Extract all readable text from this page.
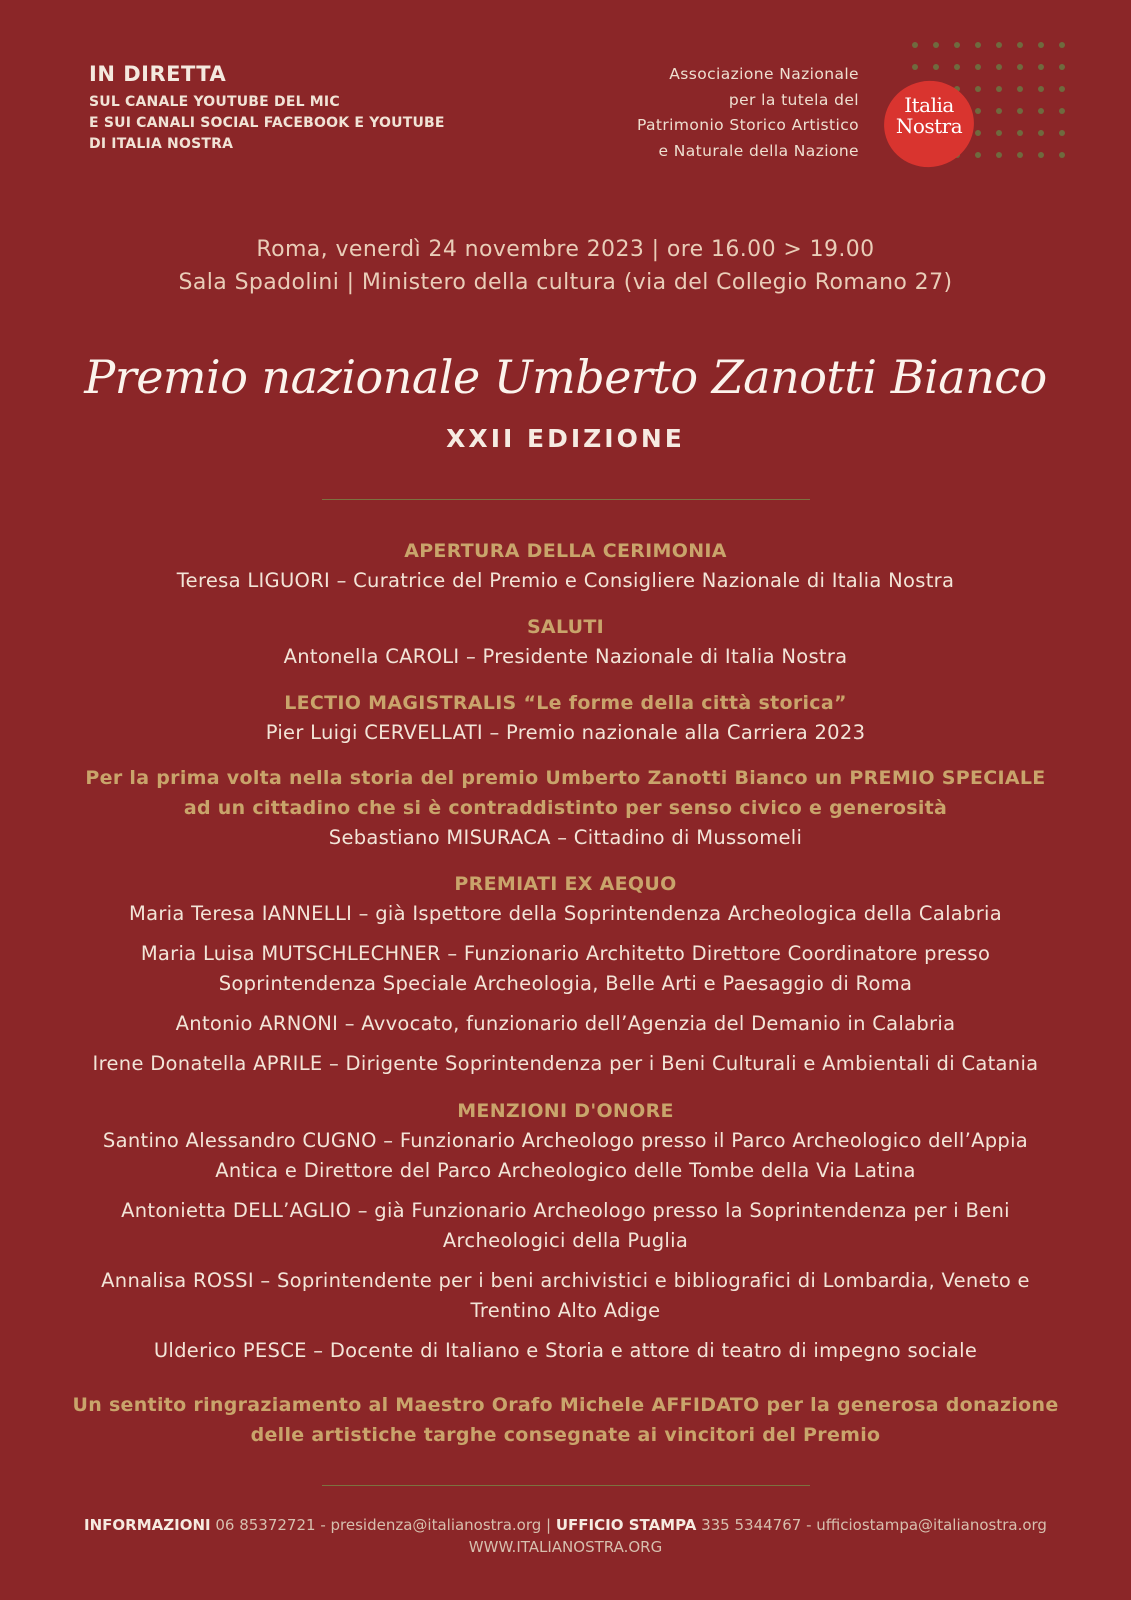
IN DIRETTA
SUL CANALE YOUTUBE DEL MIC
E SUI CANALI SOCIAL FACEBOOK E YOUTUBE
DI ITALIA NOSTRA
Associazione Nazionale
per la tutela del
Patrimonio Storico Artistico
e Naturale della Nazione
Italia
Nostra
Roma, venerdì 24 novembre 2023 | ore 16.00 > 19.00
Sala Spadolini | Ministero della cultura (via del Collegio Romano 27)
Premio nazionale Umberto Zanotti Bianco
XXII EDIZIONE
APERTURA DELLA CERIMONIA
Teresa LIGUORI – Curatrice del Premio e Consigliere Nazionale di Italia Nostra
SALUTI
Antonella CAROLI – Presidente Nazionale di Italia Nostra
LECTIO MAGISTRALIS “Le forme della città storica”
Pier Luigi CERVELLATI – Premio nazionale alla Carriera 2023
Per la prima volta nella storia del premio Umberto Zanotti Bianco un PREMIO SPECIALE
ad un cittadino che si è contraddistinto per senso civico e generosità
Sebastiano MISURACA – Cittadino di Mussomeli
PREMIATI EX AEQUO
Maria Teresa IANNELLI – già Ispettore della Soprintendenza Archeologica della Calabria
Maria Luisa MUTSCHLECHNER – Funzionario Architetto Direttore Coordinatore presso
Soprintendenza Speciale Archeologia, Belle Arti e Paesaggio di Roma
Antonio ARNONI – Avvocato, funzionario dell’Agenzia del Demanio in Calabria
Irene Donatella APRILE – Dirigente Soprintendenza per i Beni Culturali e Ambientali di Catania
MENZIONI D'ONORE
Santino Alessandro CUGNO – Funzionario Archeologo presso il Parco Archeologico dell’Appia
Antica e Direttore del Parco Archeologico delle Tombe della Via Latina
Antonietta DELL’AGLIO – già Funzionario Archeologo presso la Soprintendenza per i Beni
Archeologici della Puglia
Annalisa ROSSI – Soprintendente per i beni archivistici e bibliografici di Lombardia, Veneto e
Trentino Alto Adige
Ulderico PESCE – Docente di Italiano e Storia e attore di teatro di impegno sociale
Un sentito ringraziamento al Maestro Orafo Michele AFFIDATO per la generosa donazione
delle artistiche targhe consegnate ai vincitori del Premio
INFORMAZIONI 06 85372721 - presidenza@italianostra.org | UFFICIO STAMPA 335 5344767 - ufficiostampa@italianostra.org
WWW.ITALIANOSTRA.ORG
